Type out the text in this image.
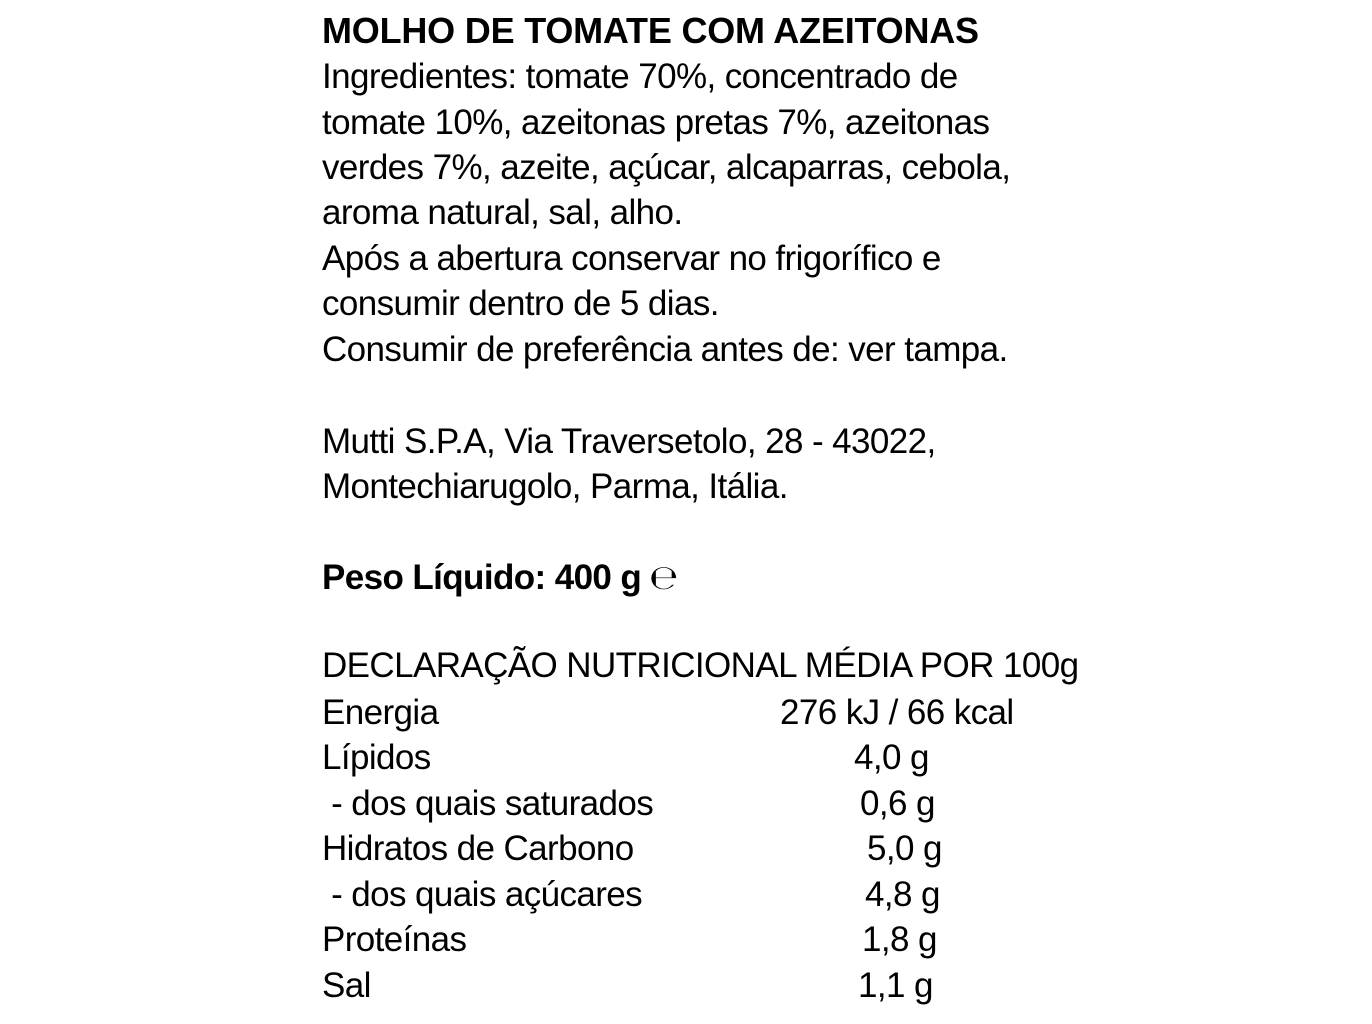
MOLHO DE TOMATE COM AZEITONAS
Ingredientes: tomate 70%, concentrado de
tomate 10%, azeitonas pretas 7%, azeitonas
verdes 7%, azeite, açúcar, alcaparras, cebola,
aroma natural, sal, alho.
Após a abertura conservar no frigorífico e
consumir dentro de 5 dias.
Consumir de preferência antes de: ver tampa.
Mutti S.P.A, Via Traversetolo, 28 - 43022,
Montechiarugolo, Parma, Itália.
Peso Líquido: 400 g ℮
DECLARAÇÃO NUTRICIONAL MÉDIA POR 100g
Energia	276 kJ / 66 kcal
Lípidos	4,0 g
- dos quais saturados	0,6 g
Hidratos de Carbono	5,0 g
- dos quais açúcares	4,8 g
Proteínas	1,8 g
Sal	1,1 g
